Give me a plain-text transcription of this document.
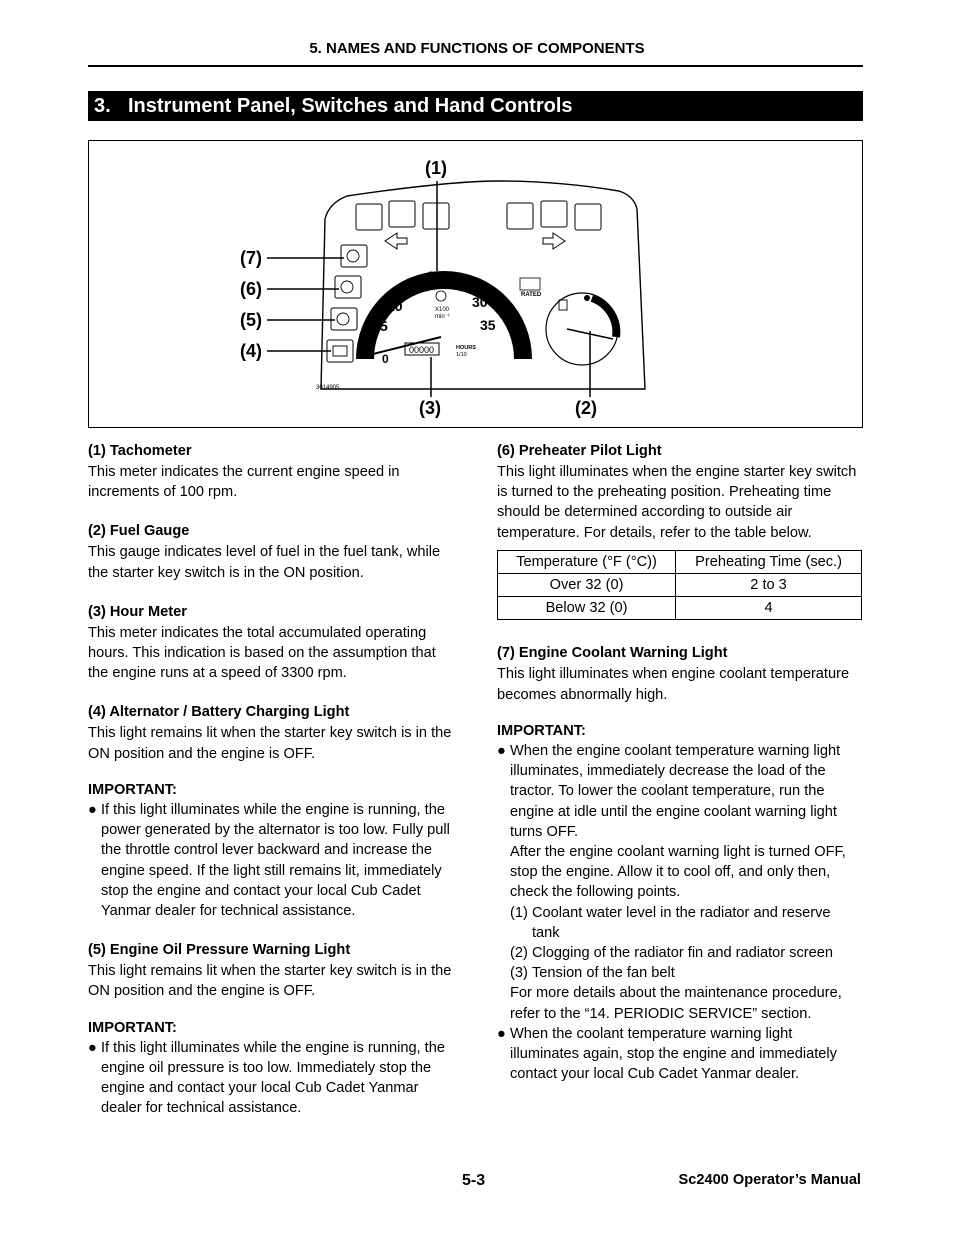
5. NAMES AND FUNCTIONS OF COMPONENTS
3. Instrument Panel, Switches and Hand Controls
5
10
15
20 25
30
35
0
X100
min⁻¹
00000	HOURS
1/10
RATED
(1)
(7)
(6)
(5)
(4)
(3)	(2)
3014905
(1) Tachometer

This meter indicates the current engine speed in increments of 100 rpm.

(2) Fuel Gauge

This gauge indicates level of fuel in the fuel tank, while the starter key switch is in the ON position.

(3) Hour Meter

This meter indicates the total accumulated operating hours. This indication is based on the assumption that the engine runs at a speed of 3300 rpm.

(4) Alternator / Battery Charging Light

This light remains lit when the starter key switch is in the ON position and the engine is OFF.

IMPORTANT:

● If this light illuminates while the engine is running, the power generated by the alternator is too low. Fully pull the throttle control lever backward and increase the engine speed. If the light still remains lit, immediately stop the engine and contact your local Cub Cadet Yanmar dealer for technical assistance.
(5) Engine Oil Pressure Warning Light

This light remains lit when the starter key switch is in the ON position and the engine is OFF.

IMPORTANT:

● If this light illuminates while the engine is running, the engine oil pressure is too low. Immediately stop the engine and contact your local Cub Cadet Yanmar dealer for technical assistance.
(6) Preheater Pilot Light

This light illuminates when the engine starter key switch is turned to the preheating position. Preheating time should be determined according to outside air temperature. For details, refer to the table below.

Temperature (°F (°C))	Preheating Time (sec.)
Over 32 (0)	2 to 3
Below 32 (0)	4
(7) Engine Coolant Warning Light

This light illuminates when engine coolant temperature becomes abnormally high.

IMPORTANT:

● When the engine coolant temperature warning light illuminates, immediately decrease the load of the tractor. To lower the coolant temperature, run the engine at idle until the engine coolant warning light turns OFF.

After the engine coolant warning light is turned OFF, stop the engine. Allow it to cool off, and only then, check the following points.

(1) Coolant water level in the radiator and reserve tank
(2) Clogging of the radiator fin and radiator screen
(3) Tension of the fan belt

For more details about the maintenance procedure, refer to the “14. PERIODIC SERVICE” section.

● When the coolant temperature warning light illuminates again, stop the engine and immediately contact your local Cub Cadet Yanmar dealer.
5-3	Sc2400 Operator’s Manual
